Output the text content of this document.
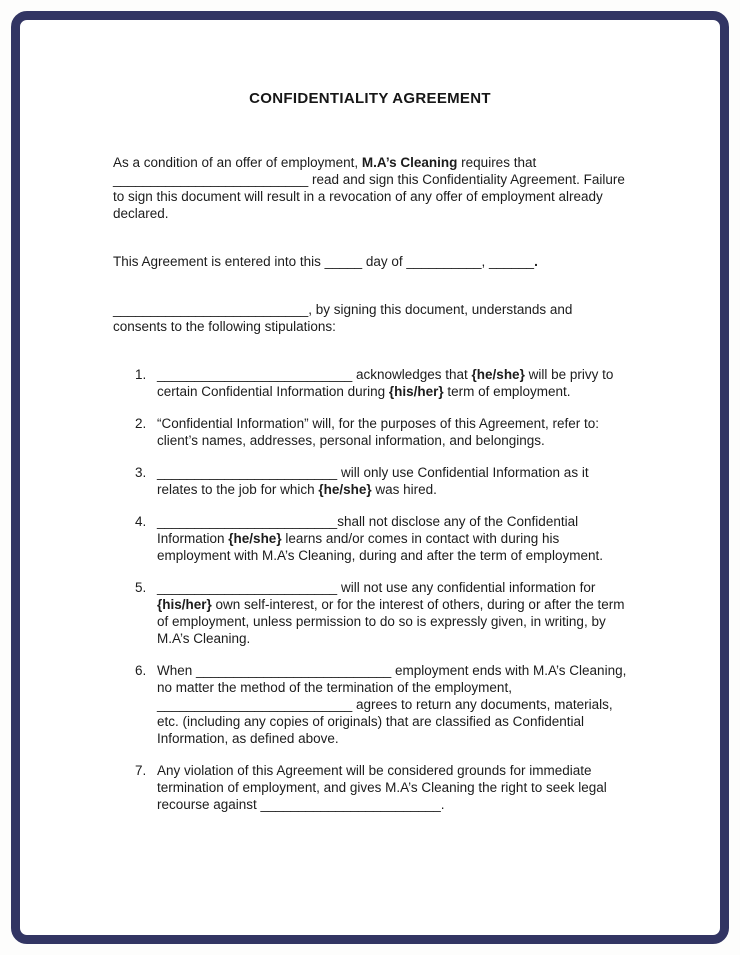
CONFIDENTIALITY AGREEMENT

As a condition of an offer of employment, M.A’s Cleaning requires that __________________________ read and sign this Confidentiality Agreement. Failure to sign this document will result in a revocation of any offer of employment already declared.

This Agreement is entered into this _____ day of __________, ______.

__________________________, by signing this document, understands and consents to the following stipulations:

1. __________________________ acknowledges that {he/she} will be privy to certain Confidential Information during {his/her} term of employment.
2. “Confidential Information” will, for the purposes of this Agreement, refer to: client’s names, addresses, personal information, and belongings.
3. ________________________ will only use Confidential Information as it relates to the job for which {he/she} was hired.
4. ________________________shall not disclose any of the Confidential Information {he/she} learns and/or comes in contact with during his employment with M.A’s Cleaning, during and after the term of employment.
5. ________________________ will not use any confidential information for {his/her} own self-interest, or for the interest of others, during or after the term of employment, unless permission to do so is expressly given, in writing, by M.A’s Cleaning.
6. When __________________________ employment ends with M.A’s Cleaning, no matter the method of the termination of the employment, __________________________ agrees to return any documents, materials, etc. (including any copies of originals) that are classified as Confidential Information, as defined above.
7. Any violation of this Agreement will be considered grounds for immediate termination of employment, and gives M.A’s Cleaning the right to seek legal recourse against ________________________.
